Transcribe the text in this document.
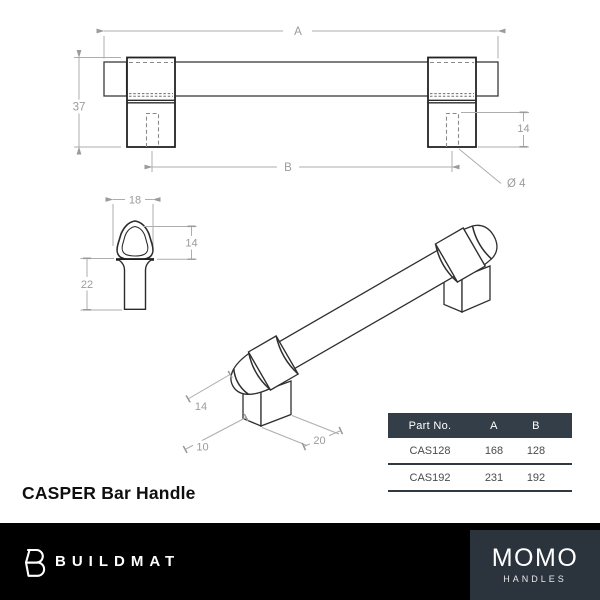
A
37
B
14
Ø 4
18
14
22
14
10
20
CASPER Bar Handle
Part No.	A	B
CAS128	168	128
CAS192	231	192
BUILDMAT	MOMO
HANDLES
